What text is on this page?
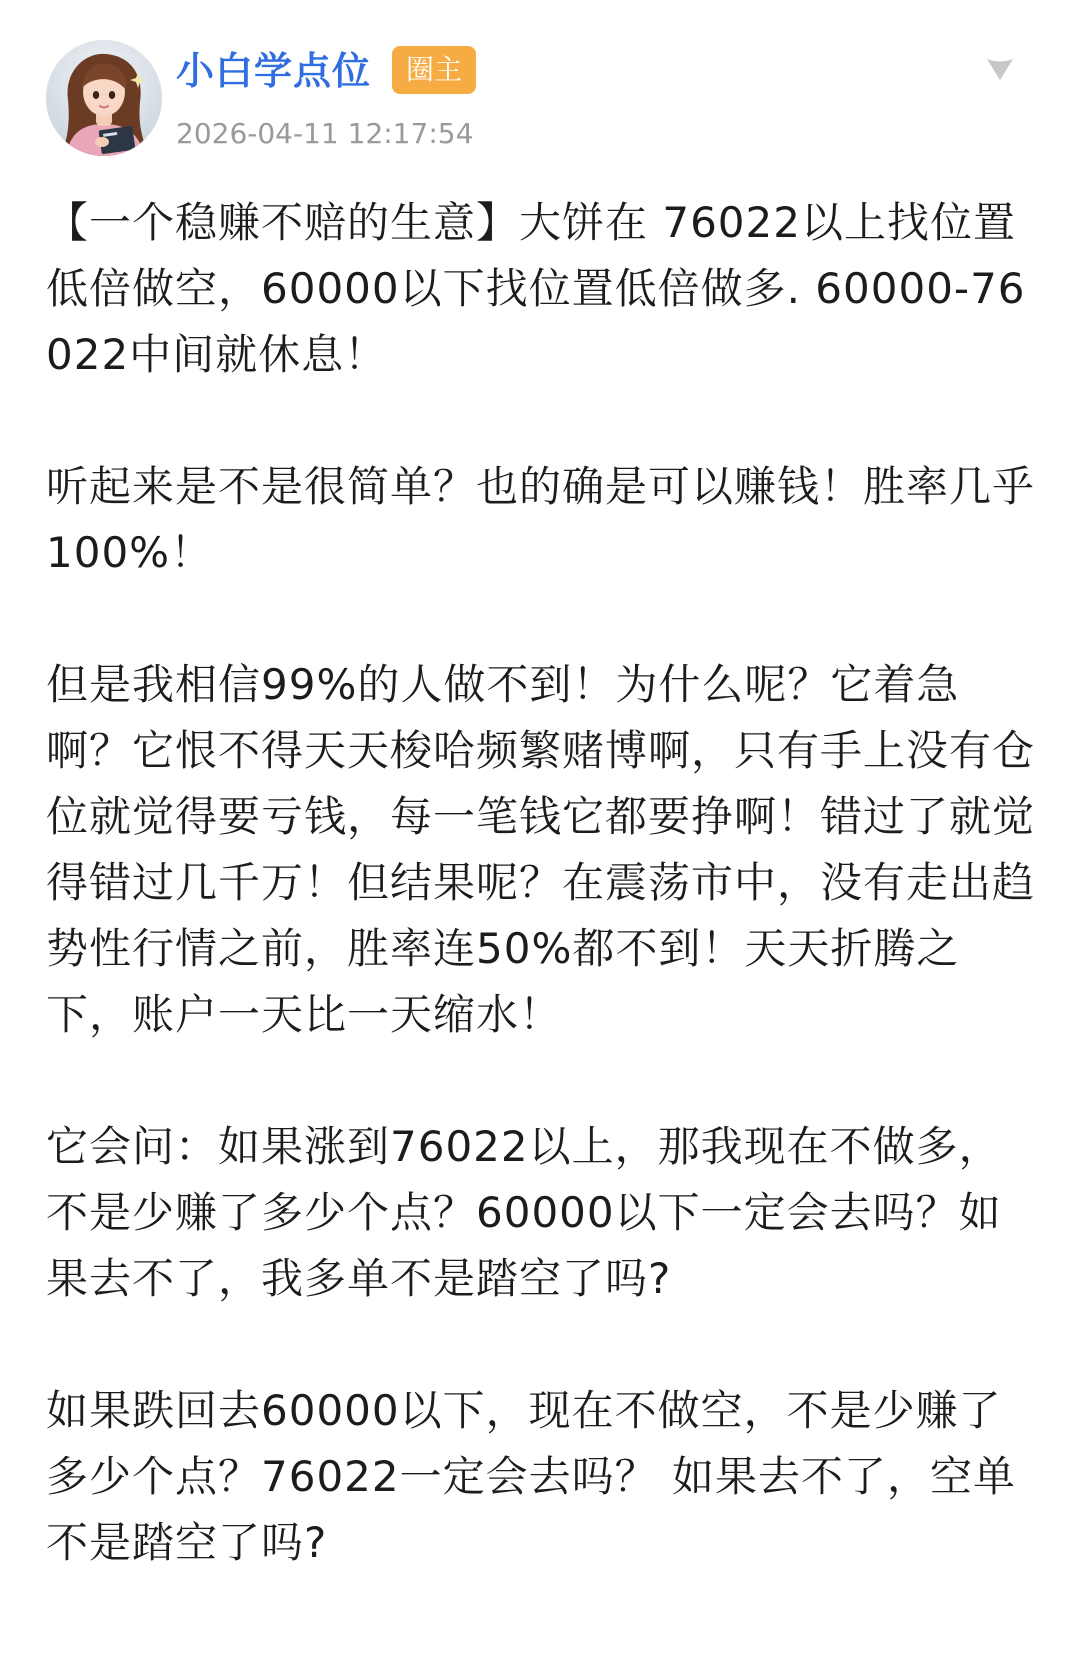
小白学点位	圈主
2026-04-11 12:17:54

【一个稳赚不赔的生意】大饼在 76022以上找位置低倍做空，60000以下找位置低倍做多. 60000-76022中间就休息！

听起来是不是很简单？也的确是可以赚钱！胜率几乎100%！

但是我相信99%的人做不到！为什么呢？它着急啊？它恨不得天天梭哈频繁赌博啊，只有手上没有仓位就觉得要亏钱，每一笔钱它都要挣啊！错过了就觉得错过几千万！但结果呢？在震荡市中，没有走出趋势性行情之前，胜率连50%都不到！天天折腾之下，账户一天比一天缩水！

它会问：如果涨到76022以上，那我现在不做多，不是少赚了多少个点？60000以下一定会去吗？如果去不了，我多单不是踏空了吗?

如果跌回去60000以下，现在不做空，不是少赚了多少个点？76022一定会去吗？ 如果去不了，空单不是踏空了吗?
